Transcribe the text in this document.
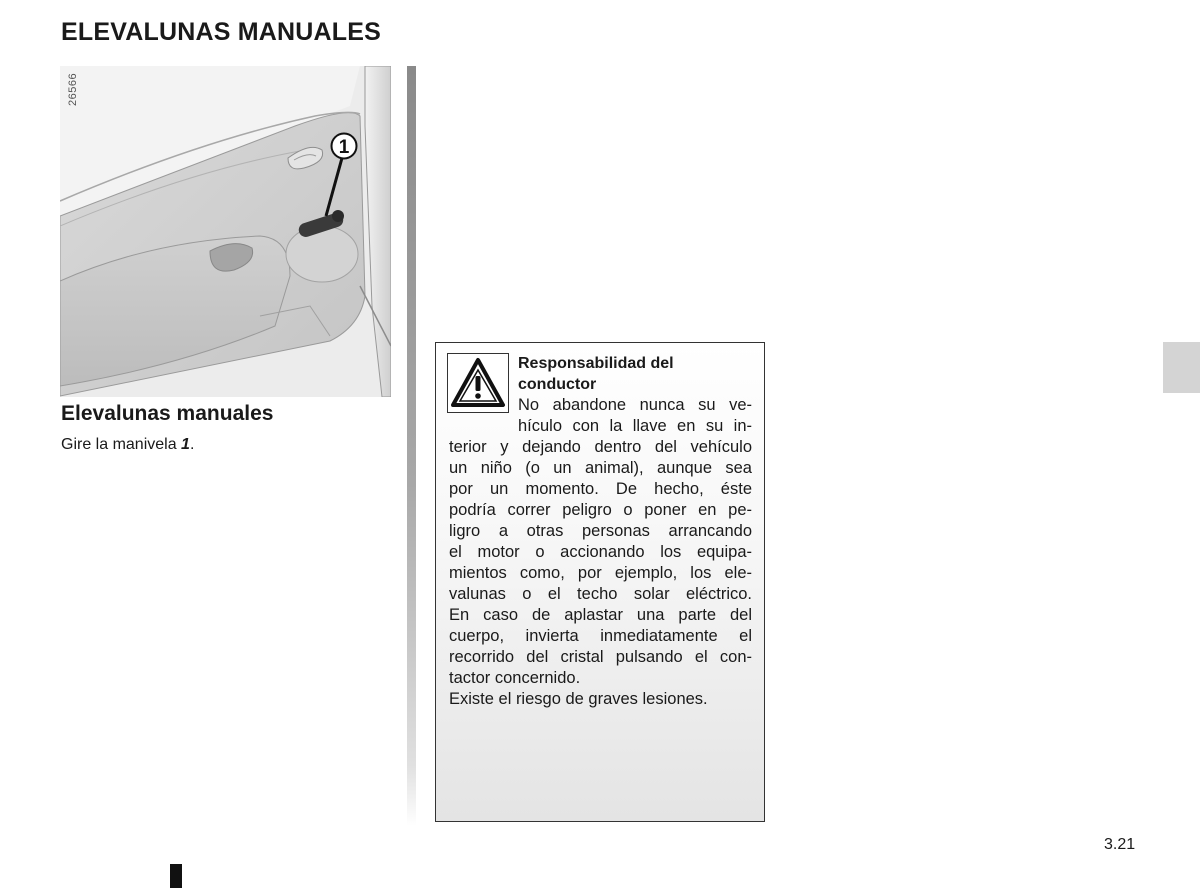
ELEVALUNAS MANUALES
1
26566
Elevalunas manuales
Gire la manivela 1.
Responsabilidad del
conductor
No abandone nunca su ve-
hículo con la llave en su in-
terior y dejando dentro del vehículo
un niño (o un animal), aunque sea
por un momento. De hecho, éste
podría correr peligro o poner en pe-
ligro a otras personas arrancando
el motor o accionando los equipa-
mientos como, por ejemplo, los ele-
valunas o el techo solar eléctrico.
En caso de aplastar una parte del
cuerpo, invierta inmediatamente el
recorrido del cristal pulsando el con-
tactor concernido.
Existe el riesgo de graves lesiones.
3.21
